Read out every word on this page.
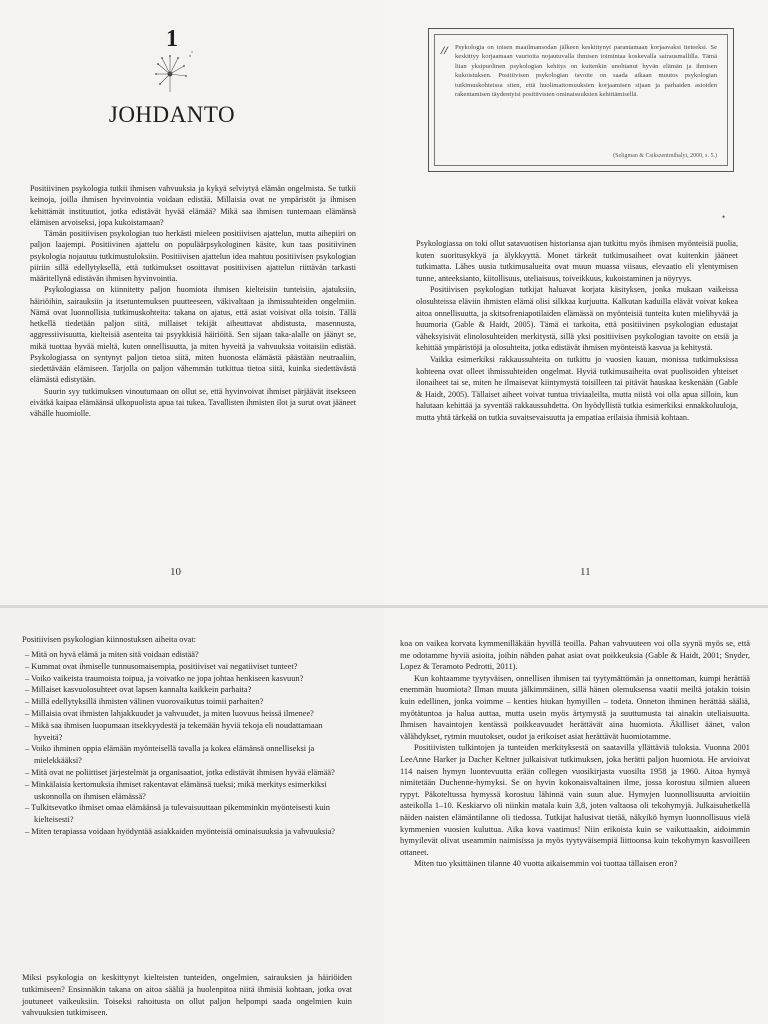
1
JOHDANTO

Positiivinen psykologia tutkii ihmisen vahvuuksia ja kykyä selviytyä elämän ongelmista. Se tutkii keinoja, joilla ihmisen hyvinvointia voidaan edistää. Millaisia ovat ne ympäristöt ja ihmisen kehittämät instituutiot, jotka edistävät hyvää elämää? Mikä saa ihmisen tuntemaan elämänsä elämisen arvoiseksi, jopa kukoistamaan?

Tämän positiivisen psykologian tuo herkästi mieleen positiivisen ajattelun, mutta aihepiiri on paljon laajempi. Positiivinen ajattelu on populäärpsykologinen käsite, kun taas positiivinen psykologia nojautuu tutkimustuloksiin. Positiivisen ajattelun idea mahtuu positiivisen psykologian piiriin sillä edellytyksellä, että tutkimukset osoittavat positiivisen ajattelun riittävän tarkasti määritellynä edistävän ihmisen hyvinvointia.

Psykologiassa on kiinnitetty paljon huomiota ihmisen kielteisiin tunteisiin, ajatuksiin, häiriöihin, sairauksiin ja itsetuntemuksen puutteeseen, väkivaltaan ja ihmissuhteiden ongelmiin. Nämä ovat luonnollisia tutkimuskohteita: takana on ajatus, että asiat voisivat olla toisin. Tällä hetkellä tiedetään paljon siitä, millaiset tekijät aiheuttavat ahdistusta, masennusta, aggressiivisuutta, kielteisiä asenteita tai psyykkisiä häiriöitä. Sen sijaan taka-alalle on jäänyt se, mikä tuottaa hyvää mieltä, kuten onnellisuutta, ja miten hyveitä ja vahvuuksia voitaisiin edistää. Psykologiassa on syntynyt paljon tietoa siitä, miten huonosta elämästä päästään neutraaliin, siedettävään elämiseen. Tarjolla on paljon vähemmän tutkittua tietoa siitä, kuinka siedettävästä elämästä edistytään.

Suurin syy tutkimuksen vinoutumaan on ollut se, että hyvinvoivat ihmiset pärjäävät itsekseen eivätkä kaipaa elämäänsä ulkopuolista apua tai tukea. Tavallisten ihmisten ilot ja surut ovat jääneet vähälle huomiolle.

10
//	Psykologia on toisen maailmansodan jälkeen keskittynyt parantamaan korjaavaksi tieteeksi. Se keskittyy korjaamaan vaurioita nojautuvalla ihmisen toimintaa koskevalla sairausmallilla. Tämä liian yksipuolinen psykologian kehitys on kuitenkin unohtanut hyvän elämän ja ihmisen kukoistuksen. Positiivisen psykologian tavoite on saada aikaan muutos psykologian tutkimuskohteissa siten, että huolimattomuuksien korjaamisen sijaan ja parhaiden asioiden rakentamisen täydentyisi positiivisten ominaisuuksien kehittämisellä.

(Seligman & Csikszentmihalyi, 2000, s. 5.)
•

Psykologiassa on toki ollut satavuotisen historiansa ajan tutkittu myös ihmisen myönteisiä puolia, kuten suoritusykkyä ja älykkyyttä. Monet tärkeät tutkimusaiheet ovat kuitenkin jääneet tutkimatta. Lähes uusia tutkimusalueita ovat muun muassa viisaus, elevaatio eli ylentymisen tunne, anteeksianto, kiitollisuus, uteliaisuus, toiveikkuus, kukoistaminen ja nöyryys.

Positiivisen psykologian tutkijat haluavat korjata käsityksen, jonka mukaan vaikeissa olosuhteissa eläviin ihmisten elämä olisi silkkaa kurjuutta. Kalkutan kaduilla elävät voivat kokea aitoa onnellisuutta, ja skitsofreniapotilaiden elämässä on myönteisiä tunteita kuten mielihyvää ja huumoria (Gable & Haidt, 2005). Tämä ei tarkoita, että positiivinen psykologian edustajat väheksyisivät elinolosuhteiden merkitystä, sillä yksi positiivisen psykologian tavoite on etsiä ja kehittää ympäristöjä ja olosuhteita, jotka edistävät ihmisen myönteistä kasvua ja kehitystä.

Vaikka esimerkiksi rakkaussuhteita on tutkittu jo vuosien kauan, monissa tutkimuksissa kohteena ovat olleet ihmissuhteiden ongelmat. Hyviä tutkimusaiheita ovat puolisoiden yhteiset ilonaiheet tai se, miten he ilmaisevat kiintymystä toisilleen tai pitävät hauskaa keskenään (Gable & Haidt, 2005). Tällaiset aiheet voivat tuntua triviaaleilta, mutta niistä voi olla apua silloin, kun halutaan kehittää ja syventää rakkaussuhdetta. On hyödyllistä tutkia esimerkiksi ennakkoluuloja, mutta yhtä tärkeää on tutkia suvaitsevaisuutta ja empatiaa erilaisia ihmisiä kohtaan.

11

Positiivisen psykologian kiinnostuksen aiheita ovat:

– Mitä on hyvä elämä ja miten sitä voidaan edistää?
– Kummat ovat ihmiselle tunnusomaisempia, positiiviset vai negatiiviset tunteet?
– Voiko vaikeista traumoista toipua, ja voivatko ne jopa johtaa henkiseen kasvuun?
– Millaiset kasvuolosuhteet ovat lapsen kannalta kaikkein parhaita?
– Millä edellytyksillä ihmisten välinen vuorovaikutus toimii parhaiten?
– Millaisia ovat ihmisten lahjakkuudet ja vahvuudet, ja miten luovuus heissä ilmenee?
– Mikä saa ihmisen luopumaan itsekkyydestä ja tekemään hyviä tekoja eli noudattamaan hyveitä?
– Voiko ihminen oppia elämään myönteisellä tavalla ja kokea elämänsä onnelliseksi ja mielekkääksi?
– Mitä ovat ne poliittiset järjestelmät ja organisaatiot, jotka edistävät ihmisen hyvää elämää?
– Minkälaisia kertomuksia ihmiset rakentavat elämänsä tueksi; mikä merkitys esimerkiksi uskonnolla on ihmisen elämässä?
– Tulkitsevatko ihmiset omaa elämäänsä ja tulevaisuuttaan pikemminkin myönteisesti kuin kielteisesti?
– Miten terapiassa voidaan hyödyntää asiakkaiden myönteisiä ominaisuuksia ja vahvuuksia?

Miksi psykologia on keskittynyt kielteisten tunteiden, ongelmien, sairauksien ja häiriöiden tutkimiseen? Ensinnäkin takana on aitoa sääliä ja huolenpitoa niitä ihmisiä kohtaan, jotka ovat joutuneet vaikeuksiin. Toiseksi rahoitusta on ollut paljon helpompi saada ongelmien kuin vahvuuksien tutkimiseen.

koa on vaikea korvata kymmenilläkään hyvillä teoilla. Pahan vahvuuteen voi olla syynä myös se, että me odotamme hyviä asioita, joihin nähden pahat asiat ovat poikkeuksia (Gable & Haidt, 2001; Snyder, Lopez & Teramoto Pedrotti, 2011).

Kun kohtaamme tyytyväisen, onnellisen ihmisen tai tyytymättömän ja onnettoman, kumpi herättää enemmän huomiota? Ilman muuta jälkimmäinen, sillä hänen olemuksensa vaatii meiltä jotakin toisin kuin edellinen, jonka voimme – kenties hiukan hymyillen – todeta. Onneton ihminen herättää sääliä, myötätuntoa ja halua auttaa, mutta usein myös ärtymystä ja suuttumusta tai ainakin uteliaisuutta. Ihmisen havaintojen kentässä poikkeavuudet herättävät aina huomiota. Äkilliset äänet, valon välähdykset, rytmin muutokset, oudot ja erikoiset asiat herättävät huomiotamme.

Positiivisten tulkintojen ja tunteiden merkityksestä on saatavilla yllättäviä tuloksia. Vuonna 2001 LeeAnne Harker ja Dacher Keltner julkaisivat tutkimuksen, joka herätti paljon huomiota. He arvioivat 114 naisen hymyn luontevuutta erään collegen vuosikirjasta vuosilta 1958 ja 1960. Aitoa hymyä nimitetään Duchenne-hymyksi. Se on hyvin kokonaisvaltainen ilme, jossa korostuu silmien alueen rypyt. Päkoteltussa hymyssä korostuu lähinnä vain suun alue. Hymyjen luonnollisuutta arvioitiin asteikolla 1–10. Keskiarvo oli niinkin matala kuin 3,8, joten valtaosa oli tekohymyjä. Julkaisuhetkellä näiden naisten elämäntilanne oli tiedossa. Tutkijat halusivat tietää, näkyikö hymyn luonnollisuus vielä kymmenien vuosien kuluttua. Aika kova vaatimus! Niin erikoista kuin se vaikuttaakin, aidoimmin hymyilevät olivat useammin naimisissa ja myös tyytyväisempiä liittoonsa kuin tekohymyn kasvoilleen ottaneet.

Miten tuo yksittäinen tilanne 40 vuotta aikaisemmin voi tuottaa tällaisen eron?
